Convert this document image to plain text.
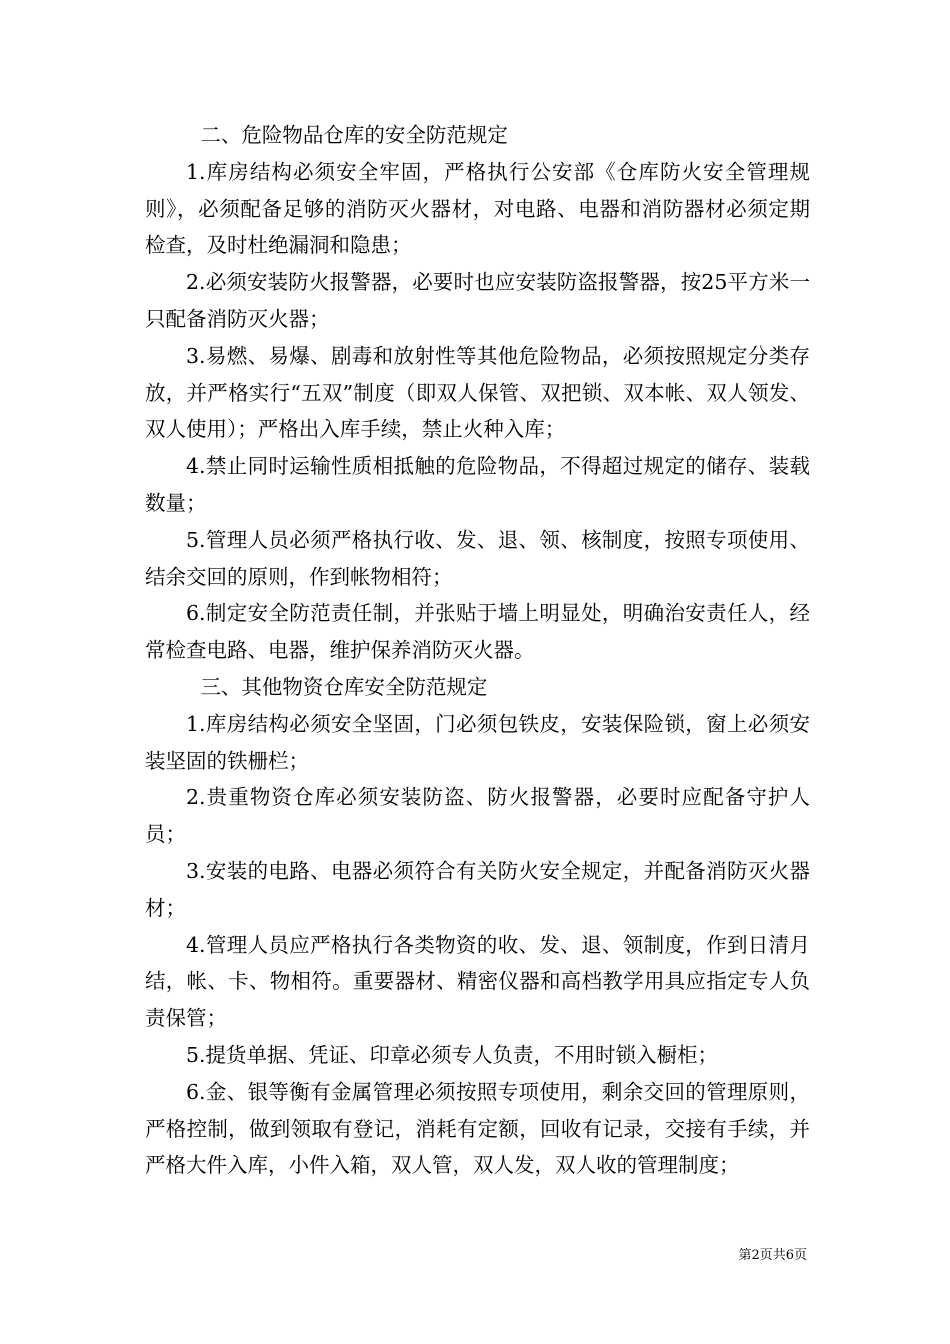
二、危险物品仓库的安全防范规定

1.库房结构必须安全牢固，严格执行公安部《仓库防火安全管理规则》，必须配备足够的消防灭火器材，对电路、电器和消防器材必须定期检查，及时杜绝漏洞和隐患；

2.必须安装防火报警器，必要时也应安装防盗报警器，按25平方米一只配备消防灭火器；

3.易燃、易爆、剧毒和放射性等其他危险物品，必须按照规定分类存放，并严格实行“五双”制度（即双人保管、双把锁、双本帐、双人领发、双人使用）；严格出入库手续，禁止火种入库；

4.禁止同时运输性质相抵触的危险物品，不得超过规定的储存、装载数量；

5.管理人员必须严格执行收、发、退、领、核制度，按照专项使用、结余交回的原则，作到帐物相符；

6.制定安全防范责任制，并张贴于墙上明显处，明确治安责任人，经常检查电路、电器，维护保养消防灭火器。

三、其他物资仓库安全防范规定

1.库房结构必须安全坚固，门必须包铁皮，安装保险锁，窗上必须安装坚固的铁栅栏；

2.贵重物资仓库必须安装防盗、防火报警器，必要时应配备守护人员；

3.安装的电路、电器必须符合有关防火安全规定，并配备消防灭火器材；

4.管理人员应严格执行各类物资的收、发、退、领制度，作到日清月结，帐、卡、物相符。重要器材、精密仪器和高档教学用具应指定专人负责保管；

5.提货单据、凭证、印章必须专人负责，不用时锁入橱柜；

6.金、银等衡有金属管理必须按照专项使用，剩余交回的管理原则，严格控制，做到领取有登记，消耗有定额，回收有记录，交接有手续，并严格大件入库，小件入箱，双人管，双人发，双人收的管理制度；

第2页共6页
